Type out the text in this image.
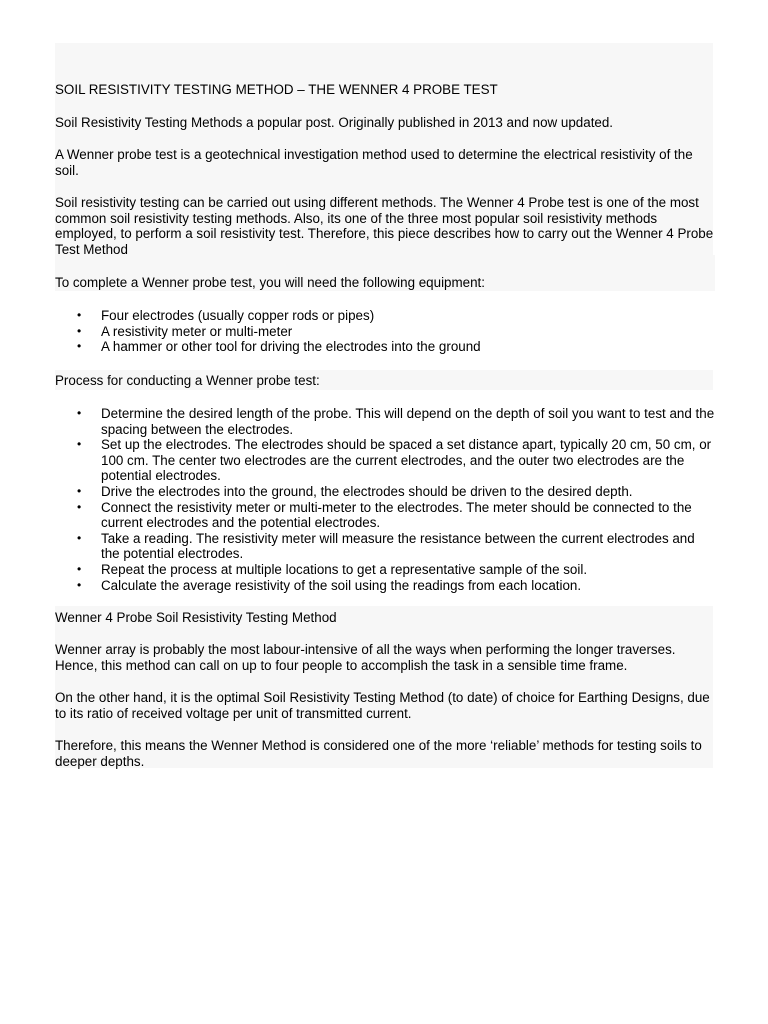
SOIL RESISTIVITY TESTING METHOD – THE WENNER 4 PROBE TEST

Soil Resistivity Testing Methods a popular post. Originally published in 2013 and now updated.

A Wenner probe test is a geotechnical investigation method used to determine the electrical resistivity of the soil.

Soil resistivity testing can be carried out using different methods. The Wenner 4 Probe test is one of the most common soil resistivity testing methods. Also, its one of the three most popular soil resistivity methods employed, to perform a soil resistivity test. Therefore, this piece describes how to carry out the Wenner 4 Probe Test Method

To complete a Wenner probe test, you will need the following equipment:

• Four electrodes (usually copper rods or pipes)
• A resistivity meter or multi-meter
• A hammer or other tool for driving the electrodes into the ground

Process for conducting a Wenner probe test:

• Determine the desired length of the probe. This will depend on the depth of soil you want to test and the spacing between the electrodes.
• Set up the electrodes. The electrodes should be spaced a set distance apart, typically 20 cm, 50 cm, or 100 cm. The center two electrodes are the current electrodes, and the outer two electrodes are the potential electrodes.
• Drive the electrodes into the ground, the electrodes should be driven to the desired depth.
• Connect the resistivity meter or multi-meter to the electrodes. The meter should be connected to the current electrodes and the potential electrodes.
• Take a reading. The resistivity meter will measure the resistance between the current electrodes and the potential electrodes.
• Repeat the process at multiple locations to get a representative sample of the soil.
• Calculate the average resistivity of the soil using the readings from each location.

Wenner 4 Probe Soil Resistivity Testing Method

Wenner array is probably the most labour-intensive of all the ways when performing the longer traverses. Hence, this method can call on up to four people to accomplish the task in a sensible time frame.

On the other hand, it is the optimal Soil Resistivity Testing Method (to date) of choice for Earthing Designs, due to its ratio of received voltage per unit of transmitted current.

Therefore, this means the Wenner Method is considered one of the more ‘reliable’ methods for testing soils to deeper depths.
